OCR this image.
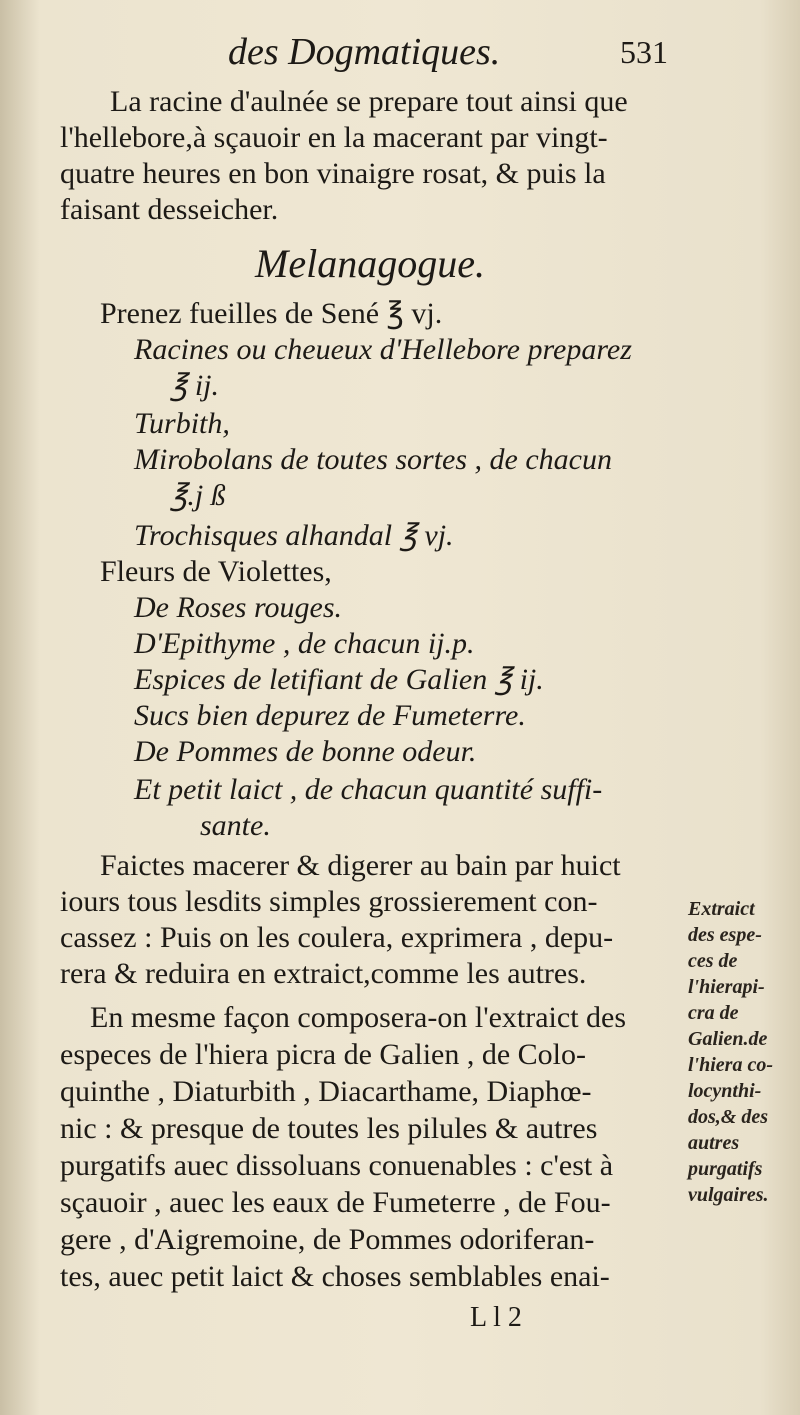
des Dogmatiques.	531
La racine d'aulnée se prepare tout ainsi que
l'hellebore,à sçauoir en la macerant par vingt-
quatre heures en bon vinaigre rosat, & puis la
faisant desseicher.
Melanagogue.
Prenez fueilles de Sené ℥ vj.
Racines ou cheueux d'Hellebore preparez
℥ ij.
Turbith,
Mirobolans de toutes sortes , de chacun
℥.j ß
Trochisques alhandal ℥ vj.
Fleurs de Violettes,
De Roses rouges.
D'Epithyme , de chacun ij.p.
Espices de letifiant de Galien ℥ ij.
Sucs bien depurez de Fumeterre.
De Pommes de bonne odeur.
Et petit laict , de chacun quantité suffi-
sante.
Faictes macerer & digerer au bain par huict
iours tous lesdits simples grossierement con-
cassez : Puis on les coulera, exprimera , depu-
rera & reduira en extraict,comme les autres.
En mesme façon composera-on l'extraict des
especes de l'hiera picra de Galien , de Colo-
quinthe , Diaturbith , Diacarthame, Diaphœ-
nic : & presque de toutes les pilules & autres
purgatifs auec dissoluans conuenables : c'est à
sçauoir , auec les eaux de Fumeterre , de Fou-
gere , d'Aigremoine, de Pommes odoriferan-
tes, auec petit laict & choses semblables enai-
Extraict
des espe-
ces de
l'hierapi-
cra de
Galien.de
l'hiera co-
locynthi-
dos,& des
autres
purgatifs
vulgaires.
L l 2
